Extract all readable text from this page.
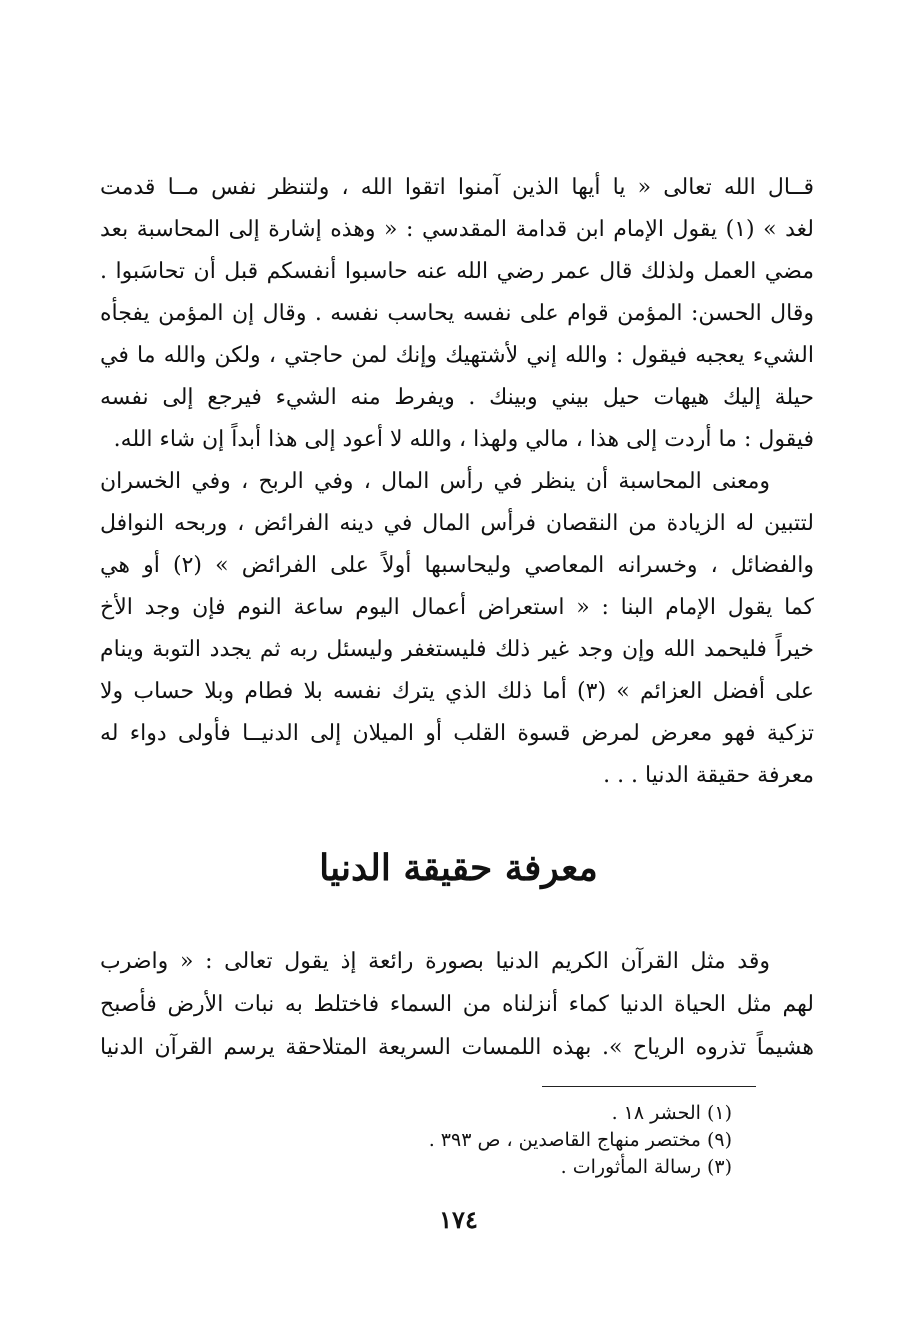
قــال الله تعالى « يا أيها الذين آمنوا اتقوا الله ، ولتنظر نفس مــا قدمت
لغد » (١) يقول الإمام ابن قدامة المقدسي : « وهذه إشارة إلى المحاسبة بعد
مضي العمل ولذلك قال عمر رضي الله عنه حاسبوا أنفسكم قبل أن تحاسَبوا .
وقال الحسن: المؤمن قوام على نفسه يحاسب نفسه . وقال إن المؤمن يفجأه
الشيء يعجبه فيقول : والله إني لأشتهيك وإنك لمن حاجتي ، ولكن والله ما في
حيلة إليك هيهات حيل بيني وبينك . ويفرط منه الشيء فيرجع إلى نفسه
فيقول : ما أردت إلى هذا ، مالي ولهذا ، والله لا أعود إلى هذا أبداً إن شاء الله.
ومعنى المحاسبة أن ينظر في رأس المال ، وفي الربح ، وفي الخسران
لتتبين له الزيادة من النقصان فرأس المال في دينه الفرائض ، وربحه النوافل
والفضائل ، وخسرانه المعاصي وليحاسبها أولاً على الفرائض » (٢) أو هي
كما يقول الإمام البنا : « استعراض أعمال اليوم ساعة النوم فإن وجد الأخ
خيراً فليحمد الله وإن وجد غير ذلك فليستغفر وليسئل ربه ثم يجدد التوبة وينام
على أفضل العزائم » (٣) أما ذلك الذي يترك نفسه بلا فطام وبلا حساب ولا
تزكية فهو معرض لمرض قسوة القلب أو الميلان إلى الدنيــا فأولى دواء له
معرفة حقيقة الدنيا . . .
معرفة حقيقة الدنيا
وقد مثل القرآن الكريم الدنيا بصورة رائعة إذ يقول تعالى : « واضرب
لهم مثل الحياة الدنيا كماء أنزلناه من السماء فاختلط به نبات الأرض فأصبح
هشيماً تذروه الرياح ». بهذه اللمسات السريعة المتلاحقة يرسم القرآن الدنيا
(١) الحشر ١٨ .
(٩) مختصر منهاج القاصدين ، ص ٣٩٣ .
(٣) رسالة المأثورات .
١٧٤
